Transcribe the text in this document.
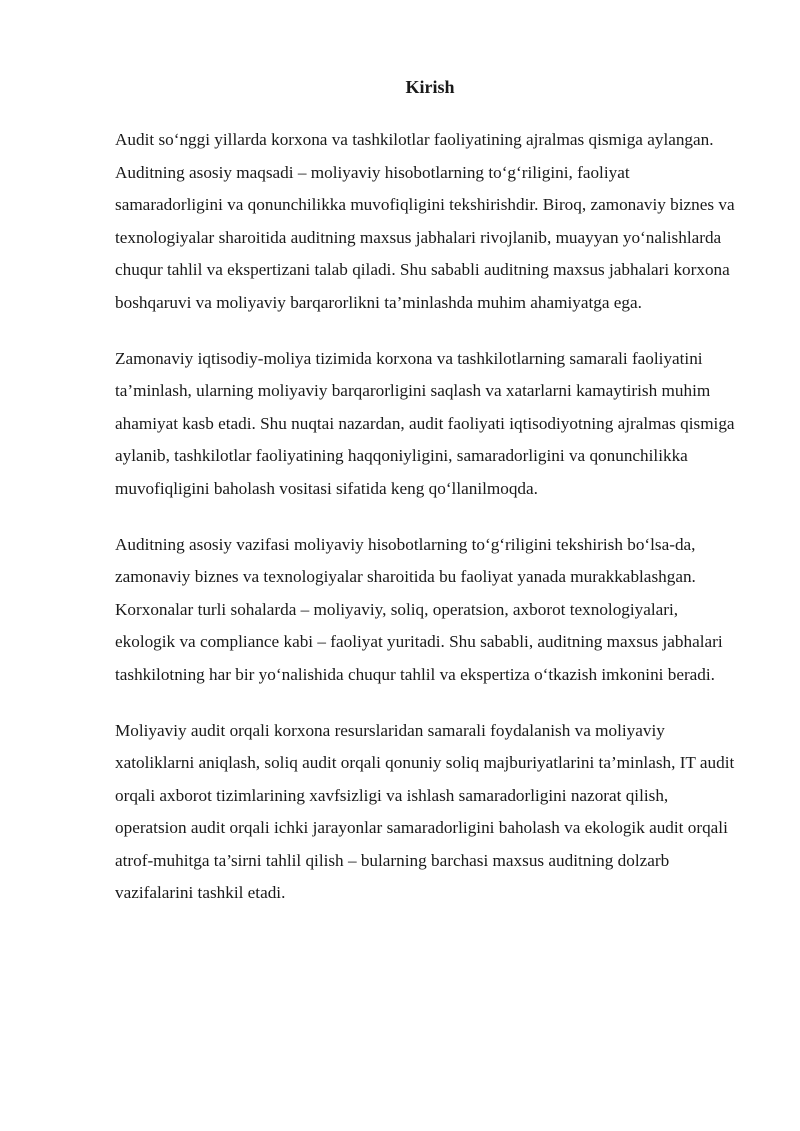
Kirish

Audit so‘nggi yillarda korxona va tashkilotlar faoliyatining ajralmas qismiga aylangan. Auditning asosiy maqsadi – moliyaviy hisobotlarning to‘g‘riligini, faoliyat samaradorligini va qonunchilikka muvofiqligini tekshirishdir. Biroq, zamonaviy biznes va texnologiyalar sharoitida auditning maxsus jabhalari rivojlanib, muayyan yo‘nalishlarda chuqur tahlil va ekspertizani talab qiladi. Shu sababli auditning maxsus jabhalari korxona boshqaruvi va moliyaviy barqarorlikni ta’minlashda muhim ahamiyatga ega.

Zamonaviy iqtisodiy-moliya tizimida korxona va tashkilotlarning samarali faoliyatini ta’minlash, ularning moliyaviy barqarorligini saqlash va xatarlarni kamaytirish muhim ahamiyat kasb etadi. Shu nuqtai nazardan, audit faoliyati iqtisodiyotning ajralmas qismiga aylanib, tashkilotlar faoliyatining haqqoniyligini, samaradorligini va qonunchilikka muvofiqligini baholash vositasi sifatida keng qo‘llanilmoqda.

Auditning asosiy vazifasi moliyaviy hisobotlarning to‘g‘riligini tekshirish bo‘lsa-da, zamonaviy biznes va texnologiyalar sharoitida bu faoliyat yanada murakkablashgan. Korxonalar turli sohalarda – moliyaviy, soliq, operatsion, axborot texnologiyalari, ekologik va compliance kabi – faoliyat yuritadi. Shu sababli, auditning maxsus jabhalari tashkilotning har bir yo‘nalishida chuqur tahlil va ekspertiza o‘tkazish imkonini beradi.

Moliyaviy audit orqali korxona resurslaridan samarali foydalanish va moliyaviy xatoliklarni aniqlash, soliq audit orqali qonuniy soliq majburiyatlarini ta’minlash, IT audit orqali axborot tizimlarining xavfsizligi va ishlash samaradorligini nazorat qilish, operatsion audit orqali ichki jarayonlar samaradorligini baholash va ekologik audit orqali atrof-muhitga ta’sirni tahlil qilish – bularning barchasi maxsus auditning dolzarb vazifalarini tashkil etadi.
